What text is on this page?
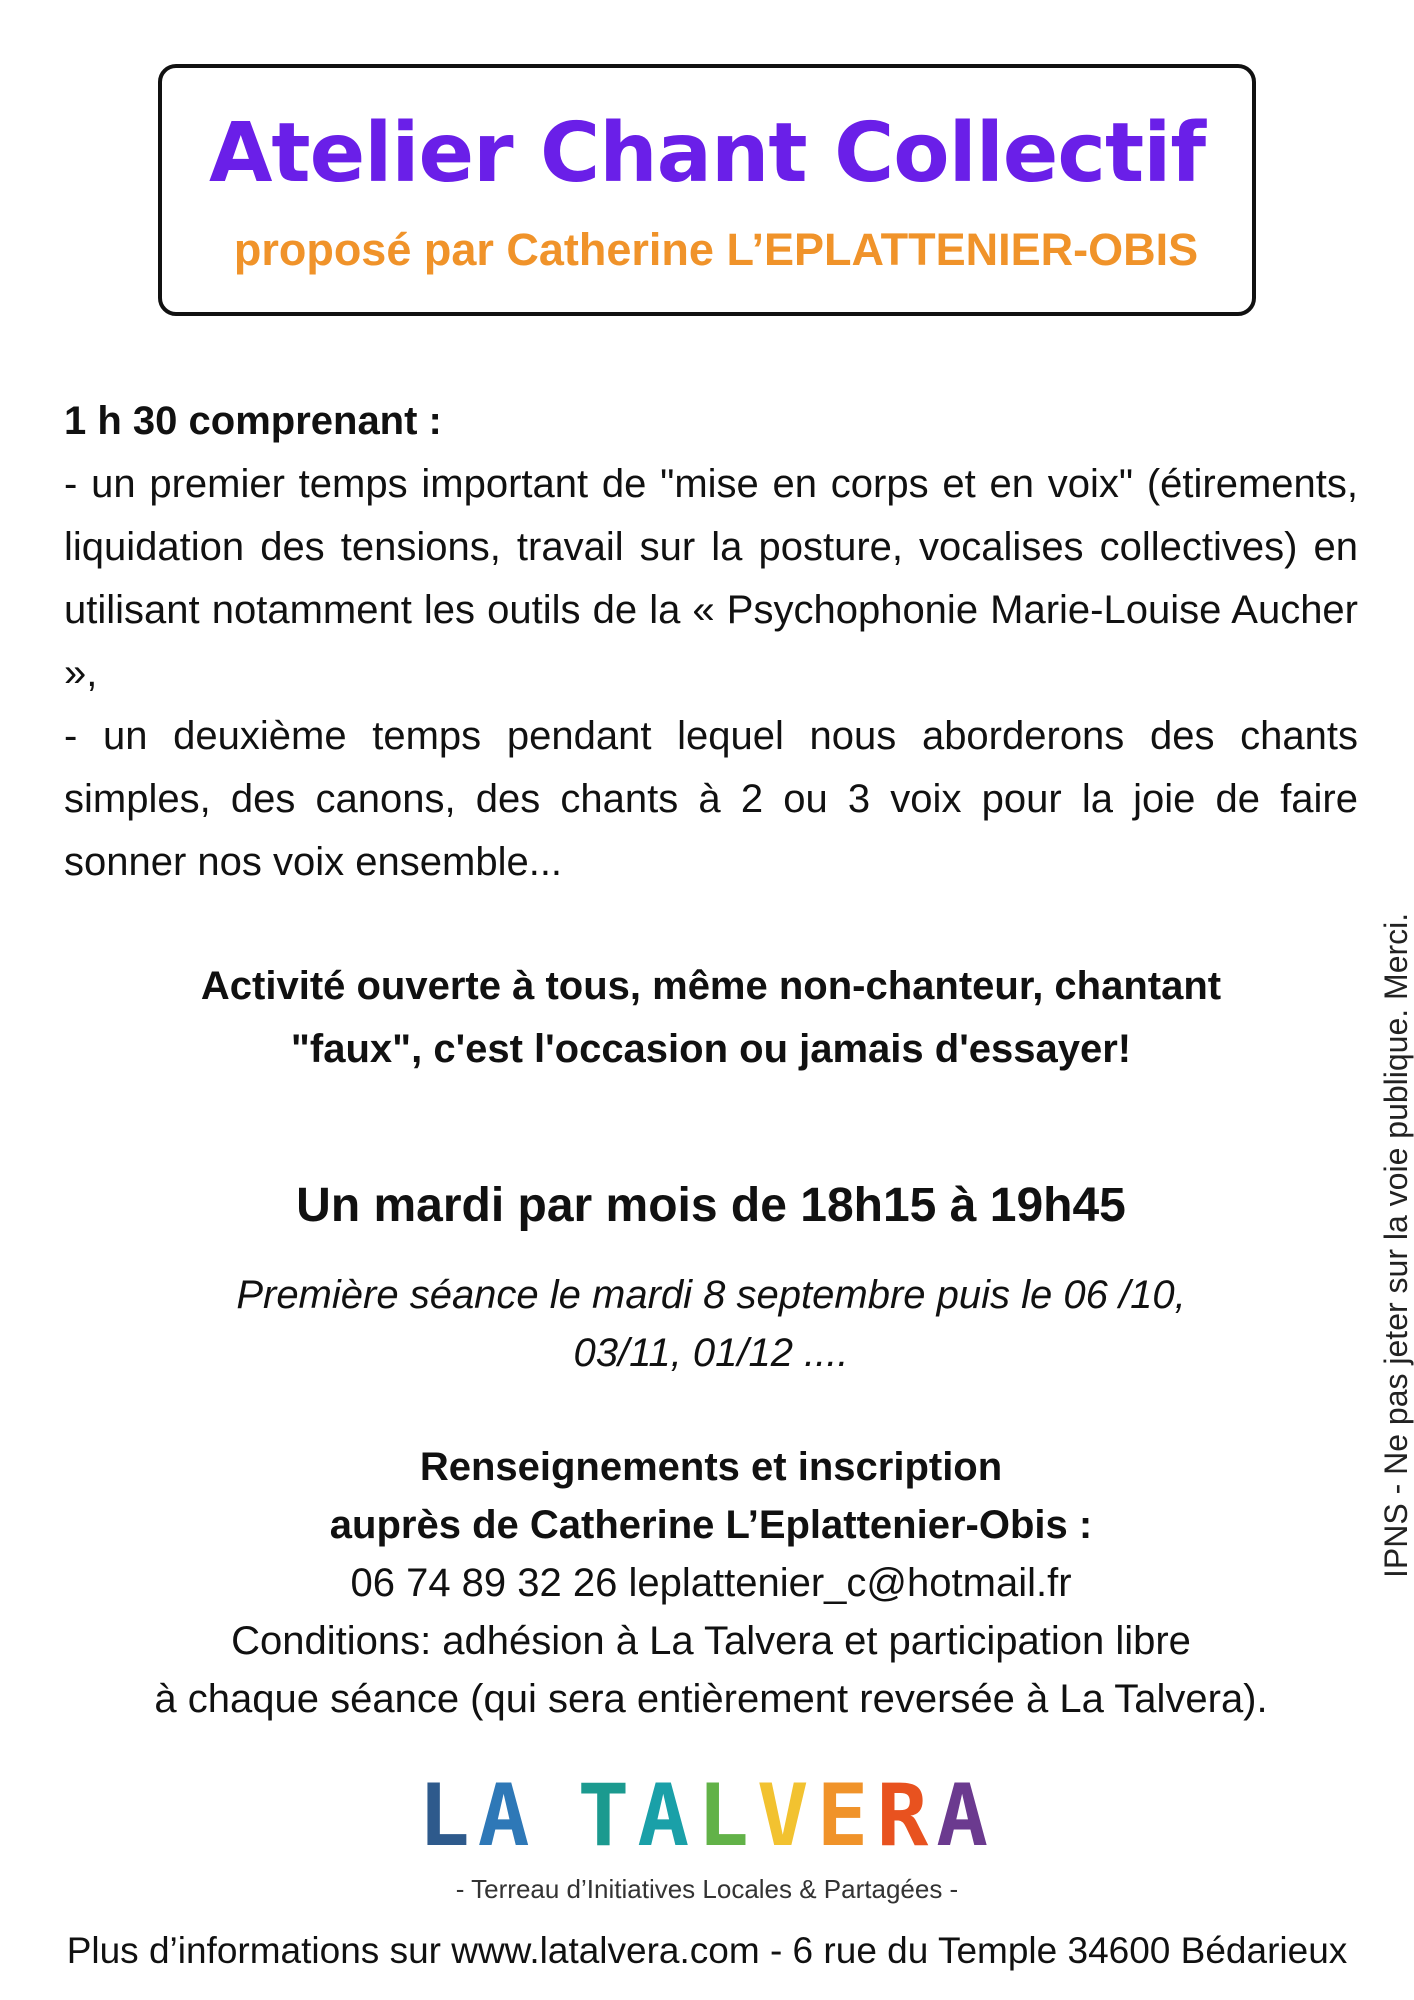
Atelier Chant Collectif
proposé par Catherine L’EPLATTENIER-OBIS

1 h 30 comprenant :

- un premier temps important de "mise en corps et en voix" (étirements, liquidation des tensions, travail sur la posture, vocalises collectives) en utilisant notamment les outils de la « Psychophonie Marie-Louise Aucher »,

- un deuxième temps pendant lequel nous aborderons des chants simples, des canons, des chants à 2 ou 3 voix pour la joie de faire sonner nos voix ensemble...

Activité ouverte à tous, même non-chanteur, chantant
"faux", c'est l'occasion ou jamais d'essayer!
Un mardi par mois de 18h15 à 19h45
Première séance le mardi 8 septembre puis le 06 /10,
03/11, 01/12 ....
Renseignements et inscription
auprès de Catherine L’Eplattenier-Obis :
06 74 89 32 26 leplattenier_c@hotmail.fr
Conditions: adhésion à La Talvera et participation libre
à chaque séance (qui sera entièrement reversée à La Talvera).
IPNS - Ne pas jeter sur la voie publique. Merci.
LA TALVERA
- Terreau d’Initiatives Locales & Partagées -
Plus d’informations sur www.latalvera.com - 6 rue du Temple 34600 Bédarieux
